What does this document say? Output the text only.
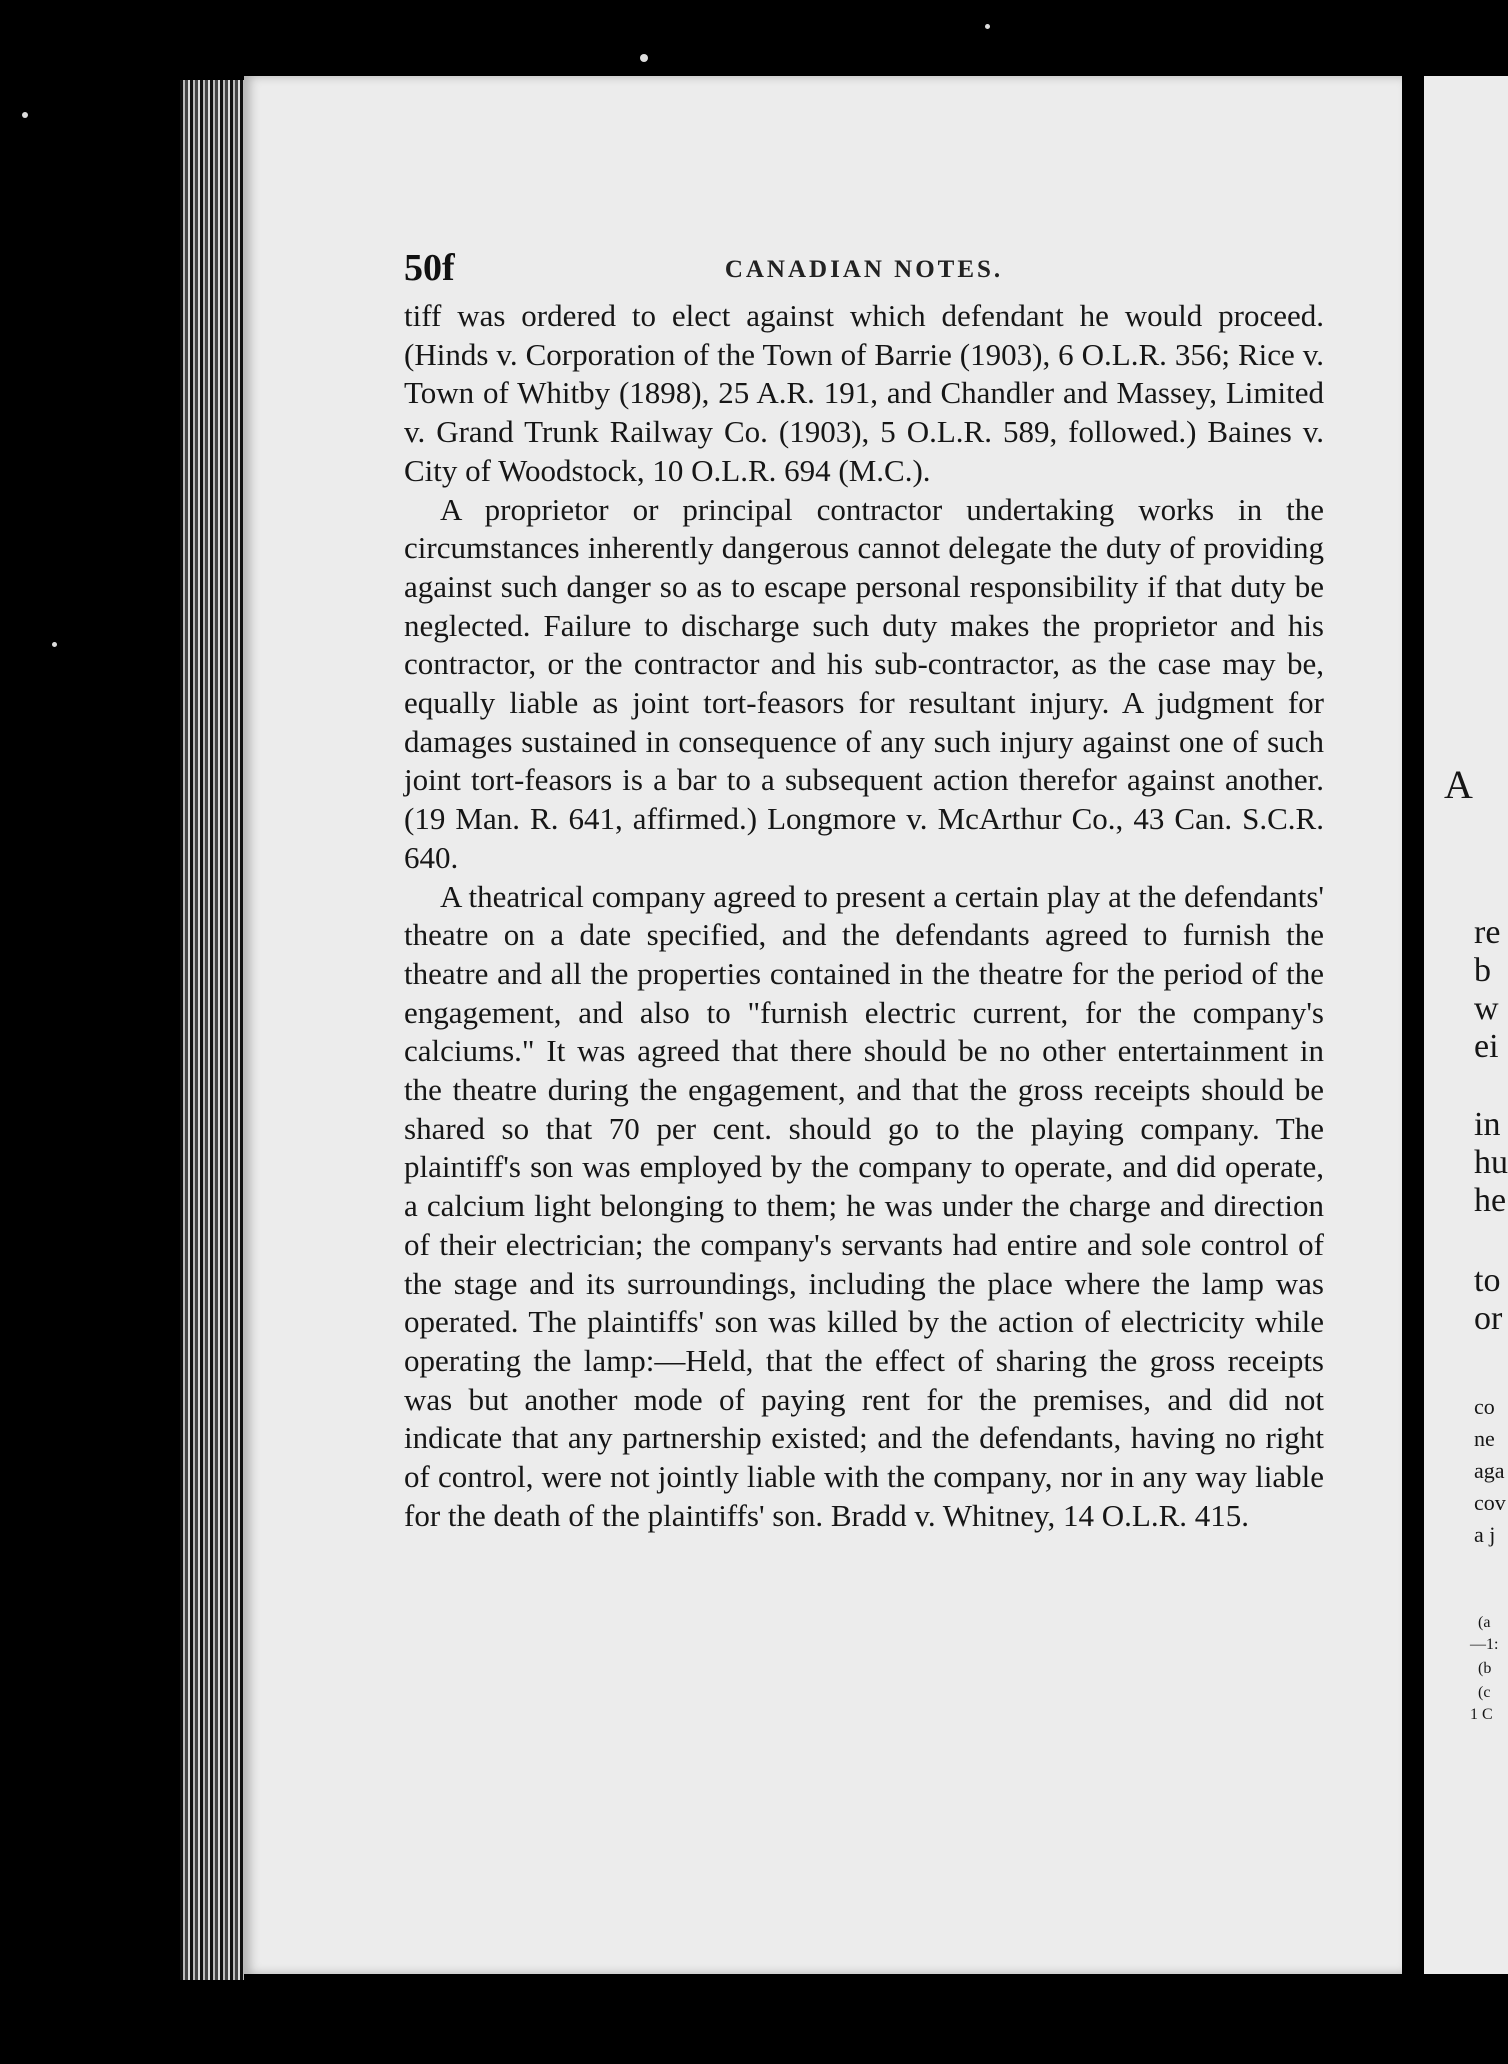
50f	CANADIAN NOTES.

tiff was ordered to elect against which defendant he would proceed. (Hinds v. Corporation of the Town of Barrie (1903), 6 O.L.R. 356; Rice v. Town of Whitby (1898), 25 A.R. 191, and Chandler and Massey, Limited v. Grand Trunk Railway Co. (1903), 5 O.L.R. 589, followed.) Baines v. City of Woodstock, 10 O.L.R. 694 (M.C.).

A proprietor or principal contractor undertaking works in the circumstances inherently dangerous cannot delegate the duty of providing against such danger so as to escape personal responsibility if that duty be neglected. Failure to discharge such duty makes the proprietor and his contractor, or the contractor and his sub-contractor, as the case may be, equally liable as joint tort-feasors for resultant injury. A judgment for damages sustained in consequence of any such injury against one of such joint tort-feasors is a bar to a subsequent action therefor against another. (19 Man. R. 641, affirmed.) Longmore v. McArthur Co., 43 Can. S.C.R. 640.

A theatrical company agreed to present a certain play at the defendants' theatre on a date specified, and the defendants agreed to furnish the theatre and all the properties contained in the theatre for the period of the engagement, and also to "furnish electric current, for the company's calciums." It was agreed that there should be no other entertainment in the theatre during the engagement, and that the gross receipts should be shared so that 70 per cent. should go to the playing company. The plaintiff's son was employed by the company to operate, and did operate, a calcium light belonging to them; he was under the charge and direction of their electrician; the company's servants had entire and sole control of the stage and its surroundings, including the place where the lamp was operated. The plaintiffs' son was killed by the action of electricity while operating the lamp:—Held, that the effect of sharing the gross receipts was but another mode of paying rent for the premises, and did not indicate that any partnership existed; and the defendants, having no right of control, were not jointly liable with the company, nor in any way liable for the death of the plaintiffs' son. Bradd v. Whitney, 14 O.L.R. 415.

A
re
b
w
ei
in
hu
he
to
or
co
ne
aga
cov
a j
(a
—1:
(b
(c
1 C
